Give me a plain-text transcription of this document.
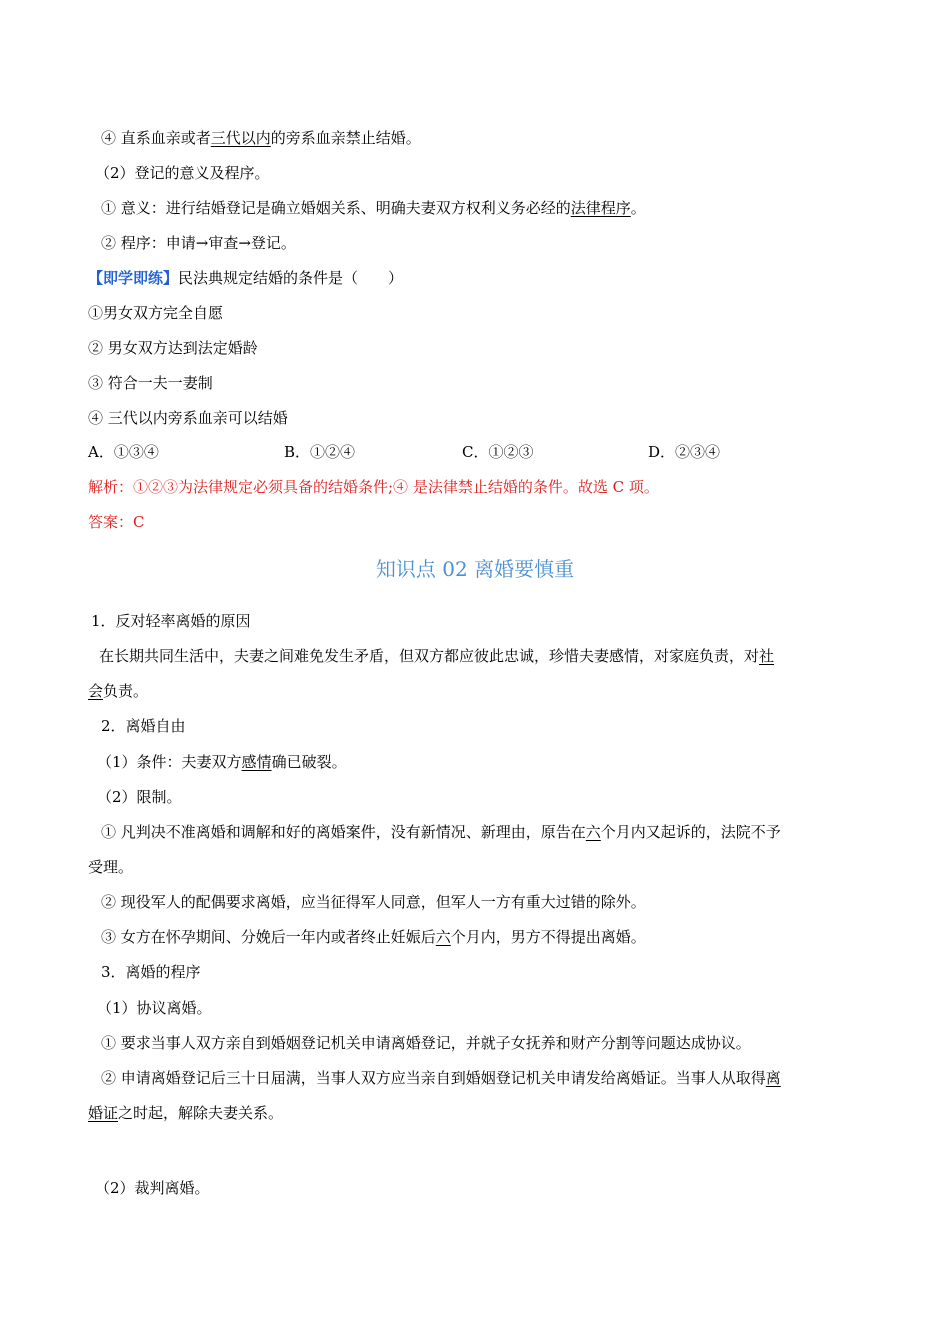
④ 直系血亲或者三代以内的旁系血亲禁止结婚。
（2）登记的意义及程序。
① 意义：进行结婚登记是确立婚姻关系、明确夫妻双方权利义务必经的法律程序。
② 程序：申请→审查→登记。
【即学即练】民法典规定结婚的条件是（　　）
①男女双方完全自愿
② 男女双方达到法定婚龄
③ 符合一夫一妻制
④ 三代以内旁系血亲可以结婚
A．①③④	B．①②④	C．①②③	D．②③④
解析：①②③为法律规定必须具备的结婚条件;④ 是法律禁止结婚的条件。故选 C 项。
答案：C
知识点 02 离婚要慎重
1．反对轻率离婚的原因
在长期共同生活中，夫妻之间难免发生矛盾，但双方都应彼此忠诚，珍惜夫妻感情，对家庭负责，对社
会负责。
2．离婚自由
（1）条件：夫妻双方感情确已破裂。
（2）限制。
① 凡判决不准离婚和调解和好的离婚案件，没有新情况、新理由，原告在六个月内又起诉的，法院不予
受理。
② 现役军人的配偶要求离婚，应当征得军人同意，但军人一方有重大过错的除外。
③ 女方在怀孕期间、分娩后一年内或者终止妊娠后六个月内，男方不得提出离婚。
3．离婚的程序
（1）协议离婚。
① 要求当事人双方亲自到婚姻登记机关申请离婚登记，并就子女抚养和财产分割等问题达成协议。
② 申请离婚登记后三十日届满，当事人双方应当亲自到婚姻登记机关申请发给离婚证。当事人从取得离
婚证之时起，解除夫妻关系。
（2）裁判离婚。
